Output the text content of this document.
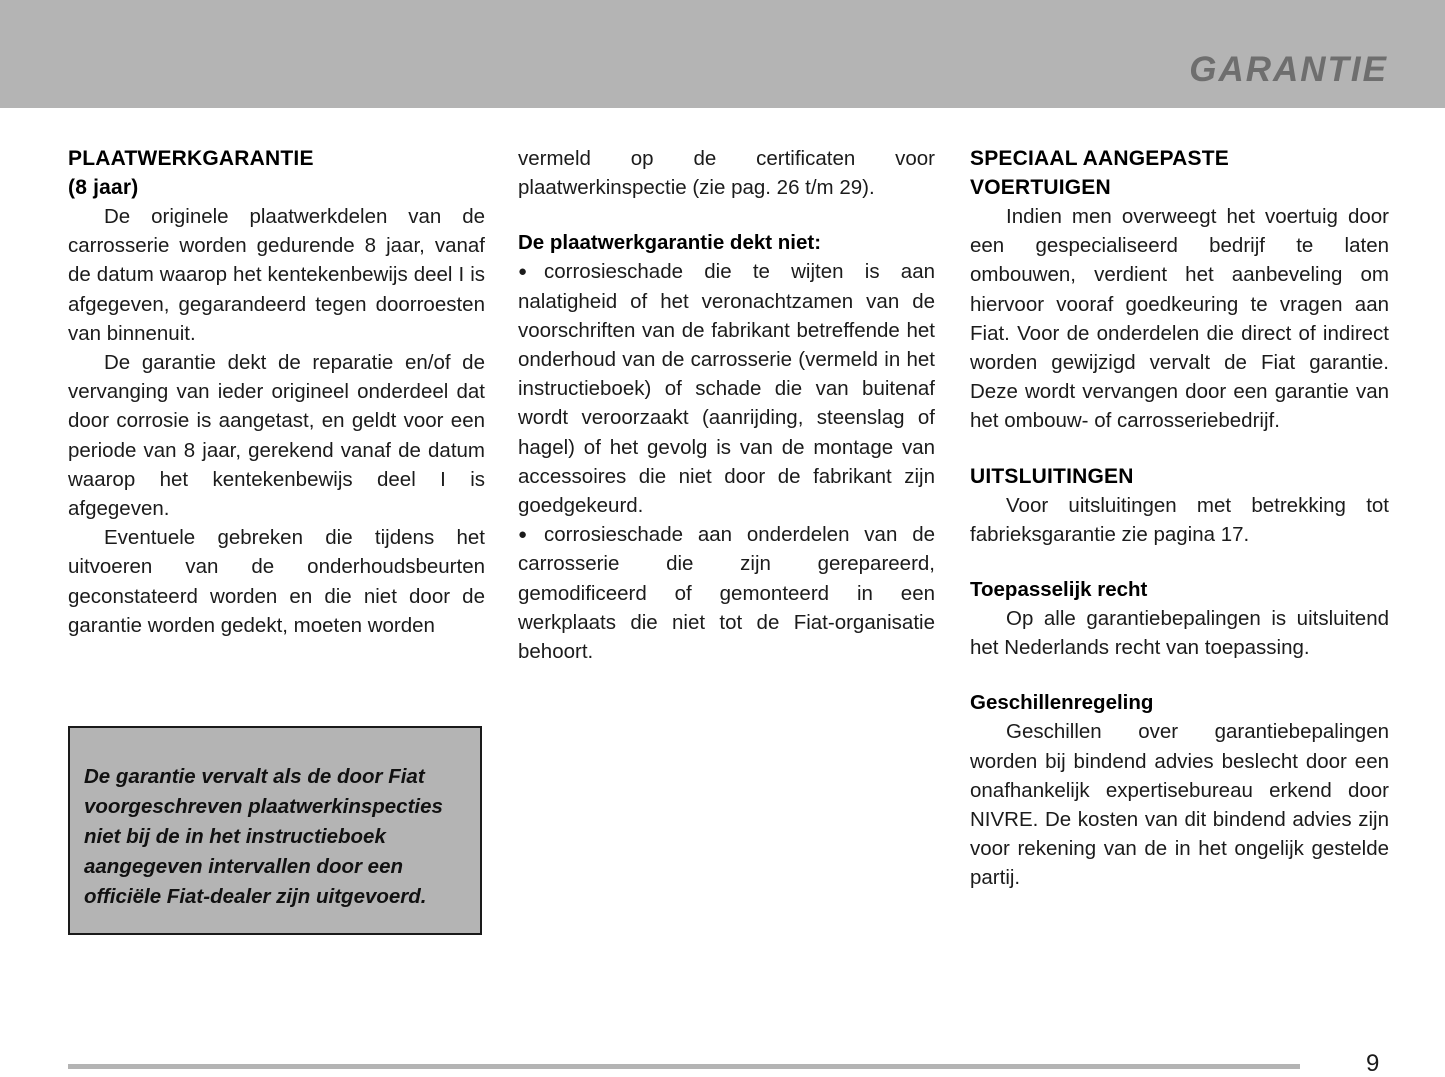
GARANTIE
PLAATWERKGARANTIE
(8 jaar)

De originele plaatwerkdelen van de carrosserie worden gedurende 8 jaar, vanaf de datum waarop het kentekenbewijs deel I is afgegeven, gegarandeerd tegen doorroesten van binnenuit.

De garantie dekt de reparatie en/of de vervanging van ieder origineel onderdeel dat door corrosie is aangetast, en geldt voor een periode van 8 jaar, gerekend vanaf de datum waarop het kentekenbewijs deel I is afgegeven.

Eventuele gebreken die tijdens het uitvoeren van de onderhoudsbeurten geconstateerd worden en die niet door de garantie worden gedekt, moeten worden

De garantie vervalt als de door Fiat voorgeschreven plaatwerkinspecties niet bij de in het instructieboek aangegeven intervallen door een officiële Fiat-dealer zijn uitgevoerd.

vermeld op de certificaten voor plaatwerkinspectie (zie pag. 26 t/m 29).

De plaatwerkgarantie dekt niet:

● corrosieschade die te wijten is aan nalatigheid of het veronachtzamen van de voorschriften van de fabrikant betreffende het onderhoud van de carrosserie (vermeld in het instructieboek) of schade die van buitenaf wordt veroorzaakt (aanrijding, steenslag of hagel) of het gevolg is van de montage van accessoires die niet door de fabrikant zijn goedgekeurd.

● corrosieschade aan onderdelen van de carrosserie die zijn gerepareerd, gemodificeerd of gemonteerd in een werkplaats die niet tot de Fiat-organisatie behoort.

SPECIAAL AANGEPASTE
VOERTUIGEN

Indien men overweegt het voertuig door een gespecialiseerd bedrijf te laten ombouwen, verdient het aanbeveling om hiervoor vooraf goedkeuring te vragen aan Fiat. Voor de onderdelen die direct of indirect worden gewijzigd vervalt de Fiat garantie. Deze wordt vervangen door een garantie van het ombouw- of carrosseriebedrijf.

UITSLUITINGEN

Voor uitsluitingen met betrekking tot fabrieksgarantie zie pagina 17.

Toepasselijk recht

Op alle garantiebepalingen is uitsluitend het Nederlands recht van toepassing.

Geschillenregeling

Geschillen over garantiebepalingen worden bij bindend advies beslecht door een onafhankelijk expertisebureau erkend door NIVRE. De kosten van dit bindend advies zijn voor rekening van de in het ongelijk gestelde partij.

9
